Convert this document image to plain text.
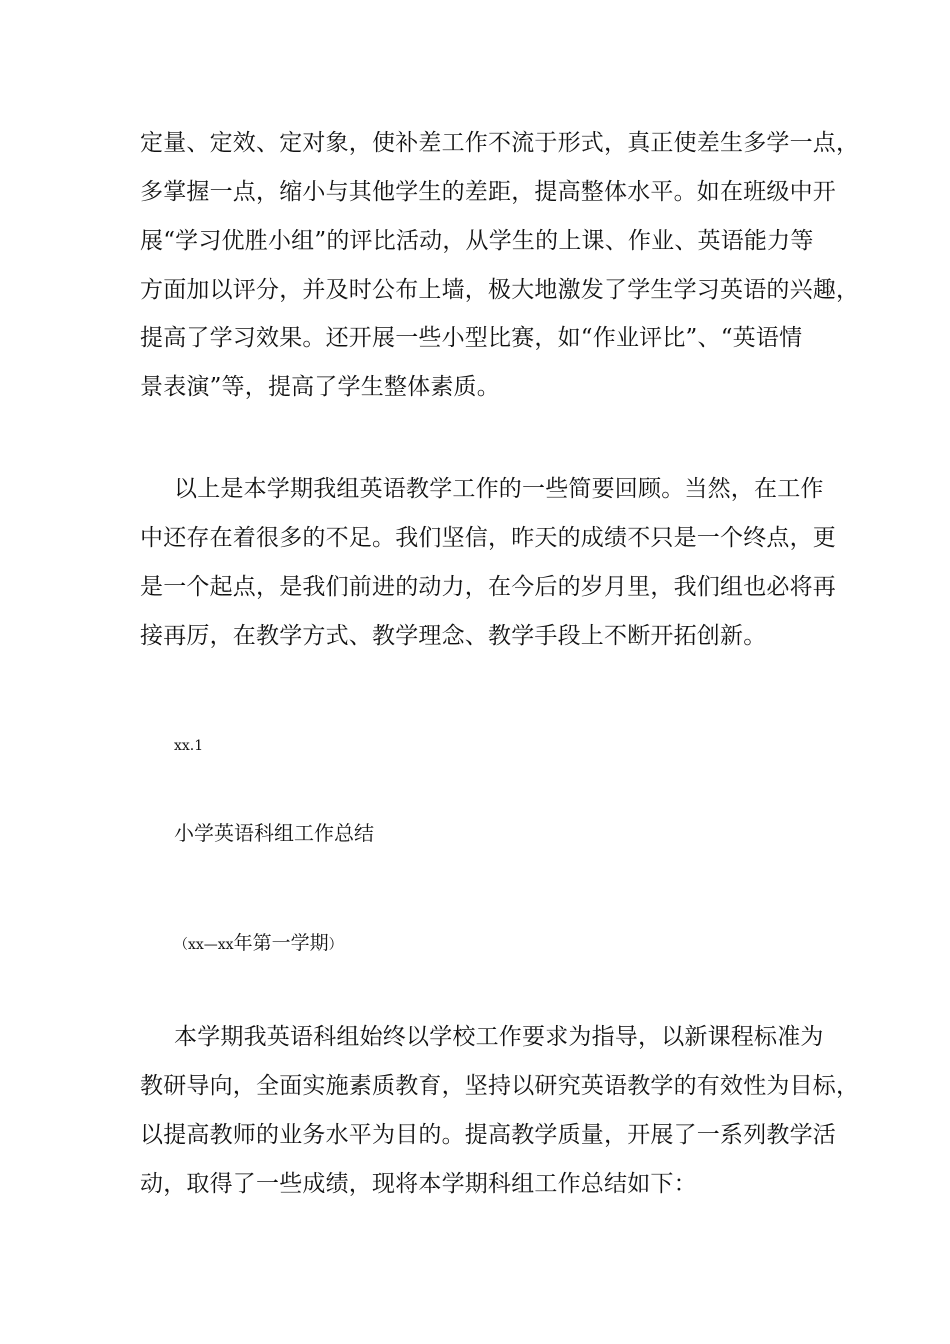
定量、定效、定对象，使补差工作不流于形式，真正使差生多学一点，
多掌握一点，缩小与其他学生的差距，提高整体水平。如在班级中开
展“学习优胜小组”的评比活动，从学生的上课、作业、英语能力等
方面加以评分，并及时公布上墙，极大地激发了学生学习英语的兴趣，
提高了学习效果。还开展一些小型比赛，如“作业评比”、“英语情
景表演”等，提高了学生整体素质。
以上是本学期我组英语教学工作的一些简要回顾。当然，在工作
中还存在着很多的不足。我们坚信，昨天的成绩不只是一个终点，更
是一个起点，是我们前进的动力，在今后的岁月里，我们组也必将再
接再厉，在教学方式、教学理念、教学手段上不断开拓创新。
xx.1
小学英语科组工作总结
（xx—xx年第一学期）
本学期我英语科组始终以学校工作要求为指导，以新课程标准为
教研导向，全面实施素质教育，坚持以研究英语教学的有效性为目标，
以提高教师的业务水平为目的。提高教学质量，开展了一系列教学活
动，取得了一些成绩，现将本学期科组工作总结如下：
